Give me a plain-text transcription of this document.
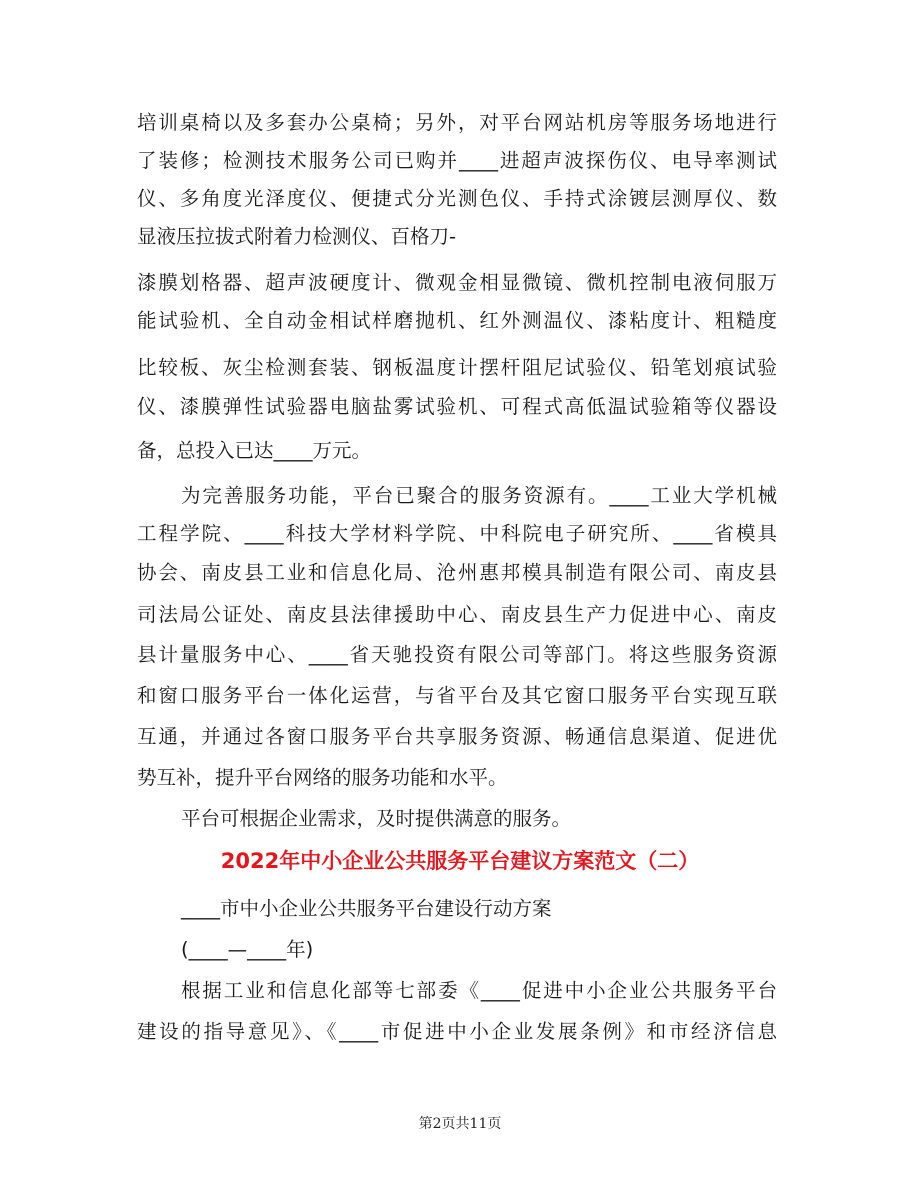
培训桌椅以及多套办公桌椅；另外，对平台网站机房等服务场地进行
了装修；检测技术服务公司已购并____进超声波探伤仪、电导率测试
仪、多角度光泽度仪、便捷式分光测色仪、手持式涂镀层测厚仪、数
显液压拉拔式附着力检测仪、百格刀-
漆膜划格器、超声波硬度计、微观金相显微镜、微机控制电液伺服万
能试验机、全自动金相试样磨抛机、红外测温仪、漆粘度计、粗糙度
比较板、灰尘检测套装、钢板温度计摆杆阻尼试验仪、铅笔划痕试验
仪、漆膜弹性试验器电脑盐雾试验机、可程式高低温试验箱等仪器设
备，总投入已达____万元。
为完善服务功能，平台已聚合的服务资源有。____工业大学机械
工程学院、____科技大学材料学院、中科院电子研究所、____省模具
协会、南皮县工业和信息化局、沧州惠邦模具制造有限公司、南皮县
司法局公证处、南皮县法律援助中心、南皮县生产力促进中心、南皮
县计量服务中心、____省天驰投资有限公司等部门。将这些服务资源
和窗口服务平台一体化运营，与省平台及其它窗口服务平台实现互联
互通，并通过各窗口服务平台共享服务资源、畅通信息渠道、促进优
势互补，提升平台网络的服务功能和水平。
平台可根据企业需求，及时提供满意的服务。
2022年中小企业公共服务平台建议方案范文（二）
____市中小企业公共服务平台建设行动方案
(____—____年)
根据工业和信息化部等七部委《____促进中小企业公共服务平台
建设的指导意见》、《____市促进中小企业发展条例》和市经济信息
第2页共11页
